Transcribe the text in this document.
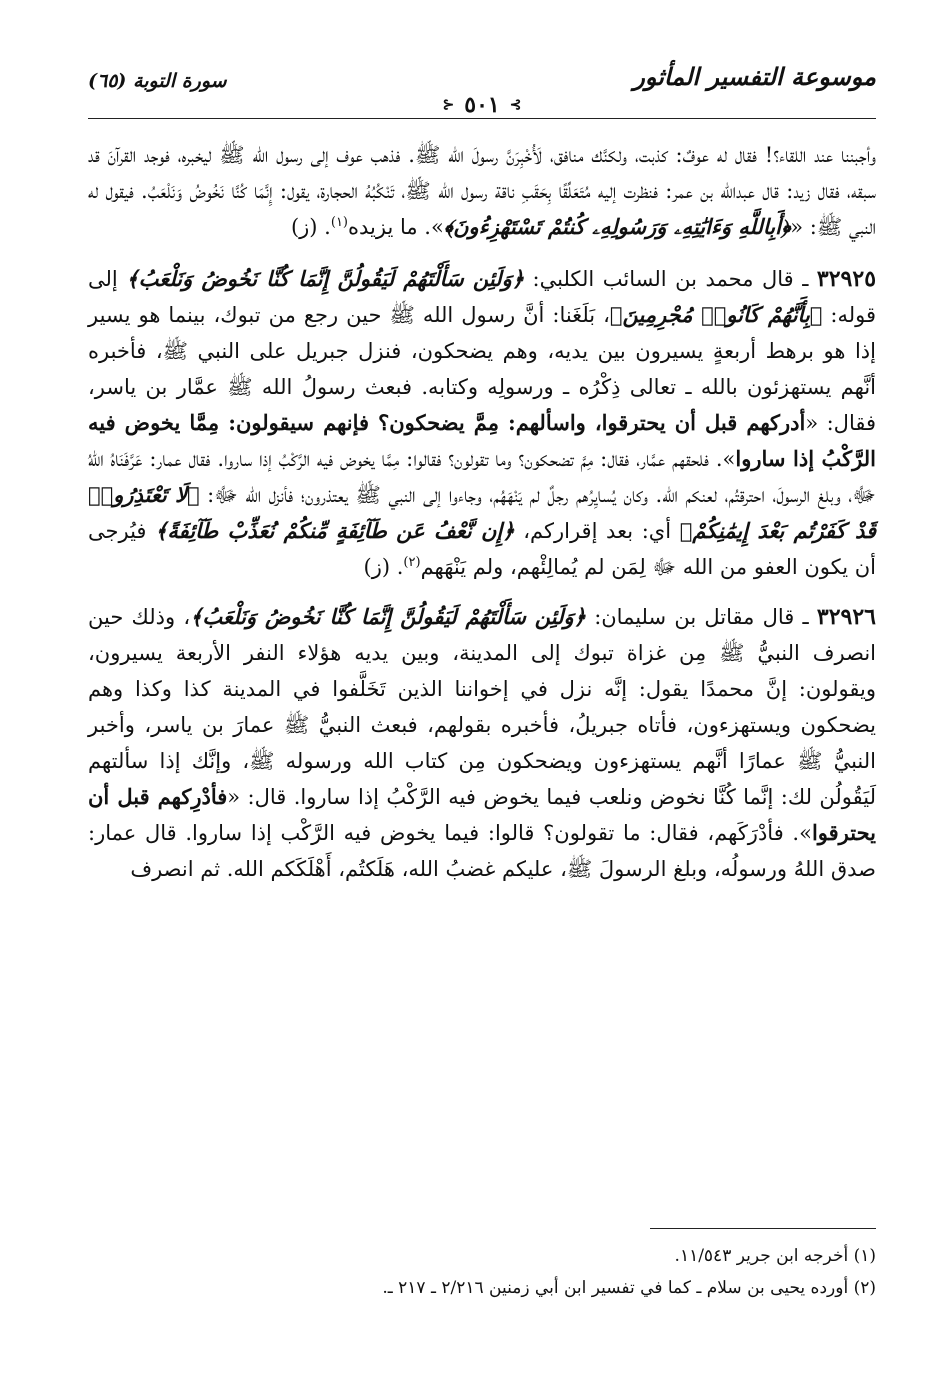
موسوعة التفسير المأثور
⊱
٥٠١
⊰
سورة التوبة (٦٥)

وأجبننا عند اللقاء؟! فقال له عوفٌ: كذبت، ولكنَّك منافق، لَأُخْبِرَنَّ رسولَ الله ﷺ. فذهب عوف إلى رسول الله ﷺ ليخبره، فوجد القرآنَ قد سبقه، فقال زيد: قال عبدالله بن عمر: فنظرت إليه مُتَعَلِّقًا بِحَقَبِ ناقة رسول الله ﷺ، تَنْكُبُهُ الحجارة، يقول: إِنَّمَا كُنَّا نَخُوضُ وَنَلْعَبُ. فيقول له النبي ﷺ: «﴿أَبِاللَّهِ وَءَايَٰتِهِۦ وَرَسُولِهِۦ كُنتُمْ تَسْتَهْزِءُونَ﴾». ما يزيده$^{(١)}$. (ز)

٣٢٩٢٥ ـ قال محمد بن السائب الكلبي: ﴿وَلَئِن سَأَلْتَهُمْ لَيَقُولُنَّ إِنَّمَا كُنَّا نَخُوضُ وَنَلْعَبُ﴾ إلى قوله: ﴿بِأَنَّهُمْ كَانُوا۟ مُجْرِمِينَ﴾، بَلَغَنا: أنَّ رسول الله ﷺ حين رجع من تبوك، بينما هو يسير إذا هو برهط أربعةٍ يسيرون بين يديه، وهم يضحكون، فنزل جبريل على النبي ﷺ، فأخبره أنَّهم يستهزئون بالله ـ تعالى ذِكْرُه ـ ورسولِه وكتابه. فبعث رسولُ الله ﷺ عمَّار بن ياسر، فقال: «أدركهم قبل أن يحترقوا، واسألهم: مِمَّ يضحكون؟ فإنهم سيقولون: مِمَّا يخوض فيه الرَّكْبُ إذا ساروا». فلحقهم عمَّار، فقال: مِمَّ تضحكون؟ وما تقولون؟ فقالوا: مِمَّا يخوض فيه الرَّكْبُ إذا ساروا. فقال عمار: عَرَّفَنَاهُ اللهُ ﷻ، وبلغ الرسولَ، احترقتُم، لعنكم الله. وكان يُسايِرُهم رجلٌ لم يَنْهَهُم، وجاءوا إلى النبي ﷺ يعتذرون؛ فأنزل الله ﷻ: ﴿لَا تَعْتَذِرُوا۟ قَدْ كَفَرْتُم بَعْدَ إِيمَٰنِكُمْ﴾ أي: بعد إقراركم، ﴿إِن نَّعْفُ عَن طَآئِفَةٍ مِّنكُمْ نُعَذِّبْ طَآئِفَةً﴾ فيُرجى أن يكون العفو من الله ﷻ لِمَن لم يُمالِئْهم، ولم يَنْهَهم$^{(٢)}$. (ز)

٣٢٩٢٦ ـ قال مقاتل بن سليمان: ﴿وَلَئِن سَأَلْتَهُمْ لَيَقُولُنَّ إِنَّمَا كُنَّا نَخُوضُ وَنَلْعَبُ﴾، وذلك حين انصرف النبيُّ ﷺ مِن غزاة تبوك إلى المدينة، وبين يديه هؤلاء النفر الأربعة يسيرون، ويقولون: إنَّ محمدًا يقول: إنَّه نزل في إخواننا الذين تَخَلَّفوا في المدينة كذا وكذا وهم يضحكون ويستهزءون، فأتاه جبريلُ، فأخبره بقولهم، فبعث النبيُّ ﷺ عمارَ بن ياسر، وأخبر النبيُّ ﷺ عمارًا أنَّهم يستهزءون ويضحكون مِن كتاب الله ورسوله ﷺ، وإنَّك إذا سألتهم لَيَقُولُن لك: إنَّما كُنَّا نخوض ونلعب فيما يخوض فيه الرَّكْبُ إذا ساروا. قال: «فأدْرِكهم قبل أن يحترقوا». فأدْرَكَهم، فقال: ما تقولون؟ قالوا: فيما يخوض فيه الرَّكْب إذا ساروا. قال عمار: صدق اللهُ ورسولُه، وبلغ الرسولَ ﷺ، عليكم غضبُ الله، هَلَكتُم، أَهْلَكَكم الله. ثم انصرف

(١) أخرجه ابن جرير ١١/٥٤٣.
(٢) أورده يحيى بن سلام ـ كما في تفسير ابن أبي زمنين ٢/٢١٦ ـ ٢١٧ ـ.
